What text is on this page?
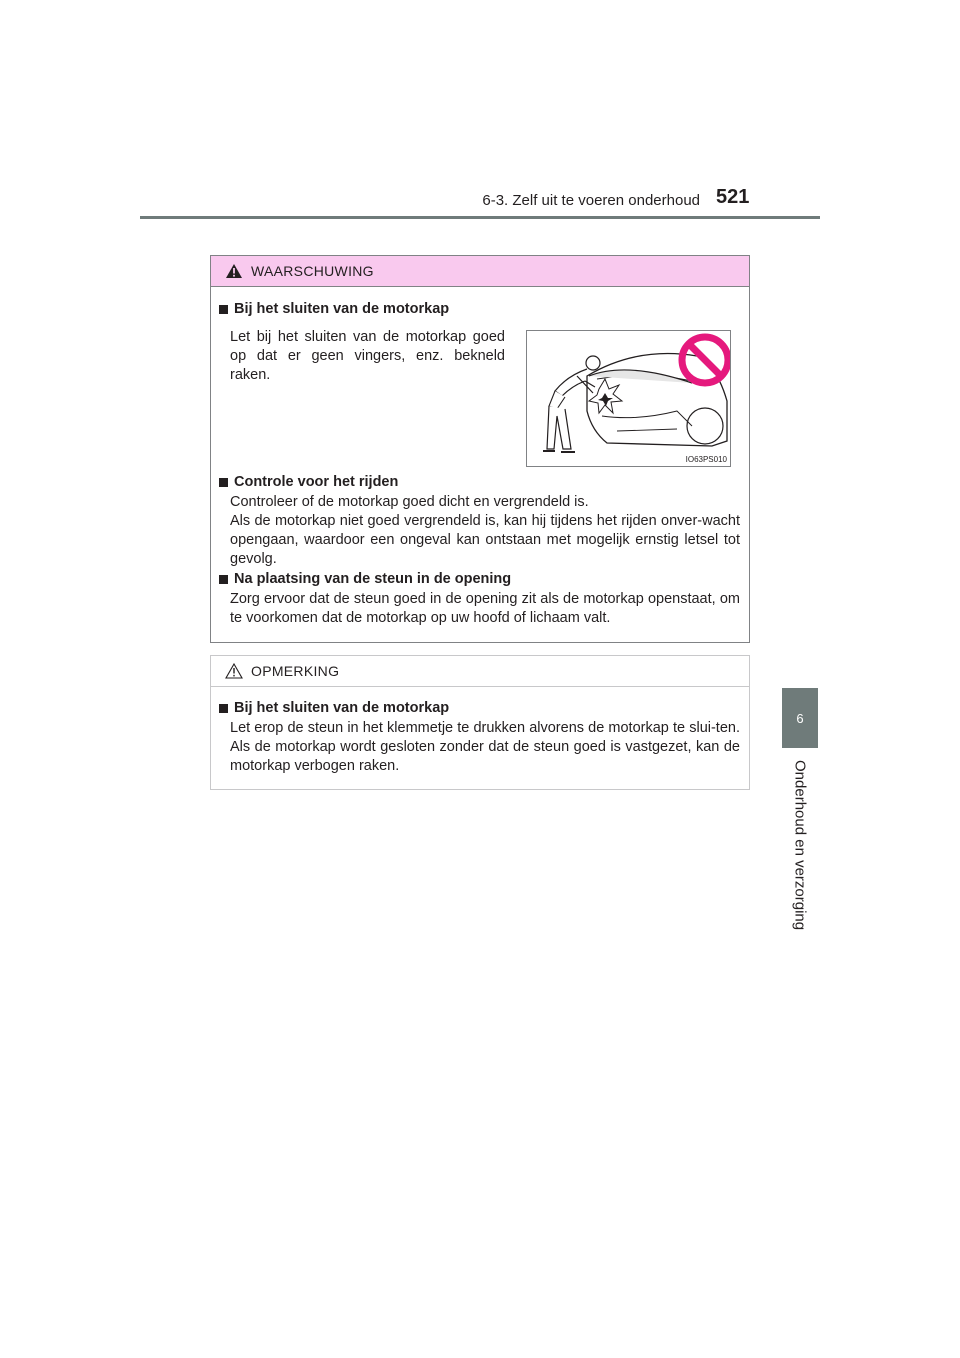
6-3. Zelf uit te voeren onderhoud 521
6
Onderhoud en verzorging
WAARSCHUWING
Bij het sluiten van de motorkap
Let bij het sluiten van de motorkap goed op dat er geen vingers, enz. bekneld raken.
IO63PS010
Controle voor het rijden
Controleer of de motorkap goed dicht en vergrendeld is.
Als de motorkap niet goed vergrendeld is, kan hij tijdens het rijden onver-wacht opengaan, waardoor een ongeval kan ontstaan met mogelijk ernstig letsel tot gevolg.
Na plaatsing van de steun in de opening
Zorg ervoor dat de steun goed in de opening zit als de motorkap openstaat, om te voorkomen dat de motorkap op uw hoofd of lichaam valt.
OPMERKING
Bij het sluiten van de motorkap
Let erop de steun in het klemmetje te drukken alvorens de motorkap te slui-ten. Als de motorkap wordt gesloten zonder dat de steun goed is vastgezet, kan de motorkap verbogen raken.
